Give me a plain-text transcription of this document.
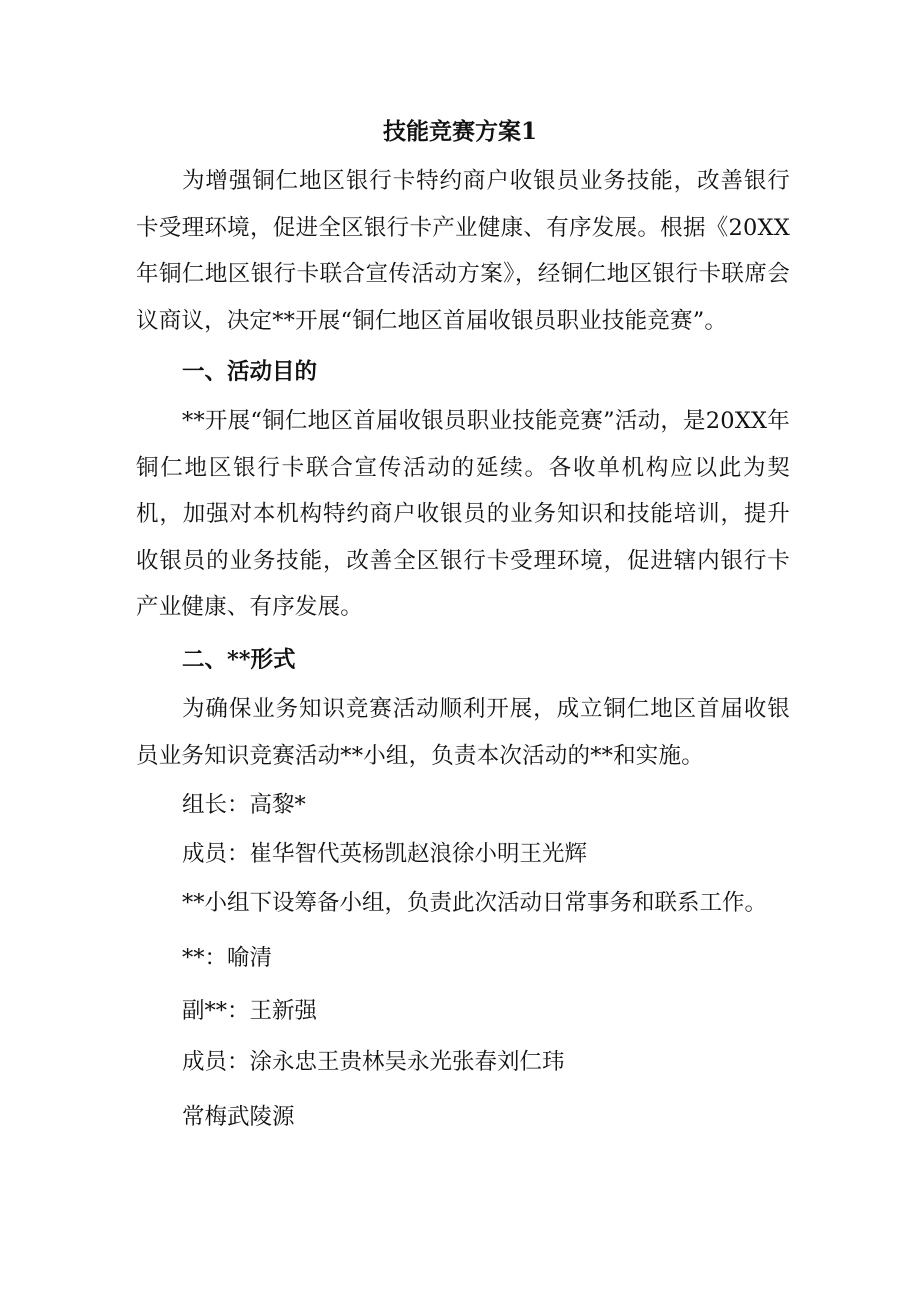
技能竞赛方案1

为增强铜仁地区银行卡特约商户收银员业务技能，改善银行卡受理环境，促进全区银行卡产业健康、有序发展。根据《20XX年铜仁地区银行卡联合宣传活动方案》，经铜仁地区银行卡联席会议商议，决定**开展“铜仁地区首届收银员职业技能竞赛”。

一、活动目的

**开展“铜仁地区首届收银员职业技能竞赛”活动，是20XX年铜仁地区银行卡联合宣传活动的延续。各收单机构应以此为契机，加强对本机构特约商户收银员的业务知识和技能培训，提升收银员的业务技能，改善全区银行卡受理环境，促进辖内银行卡产业健康、有序发展。

二、**形式

为确保业务知识竞赛活动顺利开展，成立铜仁地区首届收银员业务知识竞赛活动**小组，负责本次活动的**和实施。

组长：高黎*

成员：崔华智代英杨凯赵浪徐小明王光辉

**小组下设筹备小组，负责此次活动日常事务和联系工作。

**：喻清

副**：王新强

成员：涂永忠王贵林吴永光张春刘仁玮

常梅武陵源
